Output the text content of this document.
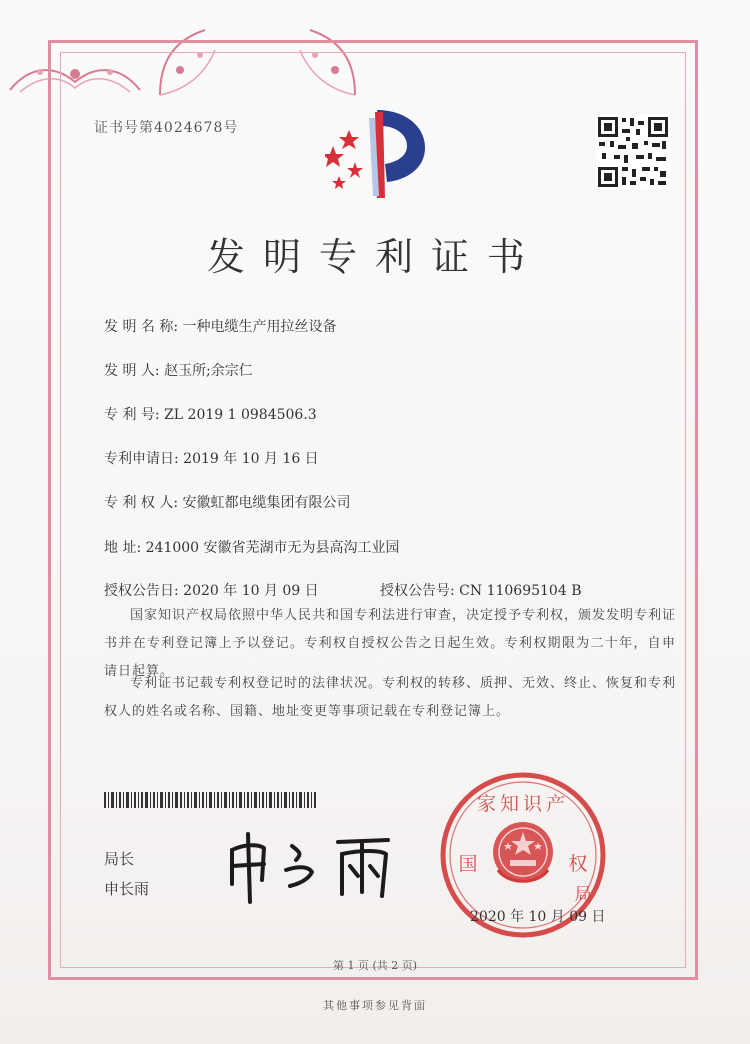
证书号第4024678号
发明专利证书
发 明 名 称: 一种电缆生产用拉丝设备
发 明 人: 赵玉所;余宗仁
专 利 号: ZL 2019 1 0984506.3
专利申请日: 2019 年 10 月 16 日
专 利 权 人: 安徽虹都电缆集团有限公司
地 址: 241000 安徽省芜湖市无为县高沟工业园
授权公告日: 2020 年 10 月 09 日	授权公告号: CN 110695104 B
国家知识产权局依照中华人民共和国专利法进行审查，决定授予专利权，颁发发明专利证书并在专利登记簿上予以登记。专利权自授权公告之日起生效。专利权期限为二十年，自申请日起算。
专利证书记载专利权登记时的法律状况。专利权的转移、质押、无效、终止、恢复和专利权人的姓名或名称、国籍、地址变更等事项记载在专利登记簿上。
局长
申长雨
家知识产
国	权
局
2020 年 10 月 09 日
第 1 页 (共 2 页)
其他事项参见背面
